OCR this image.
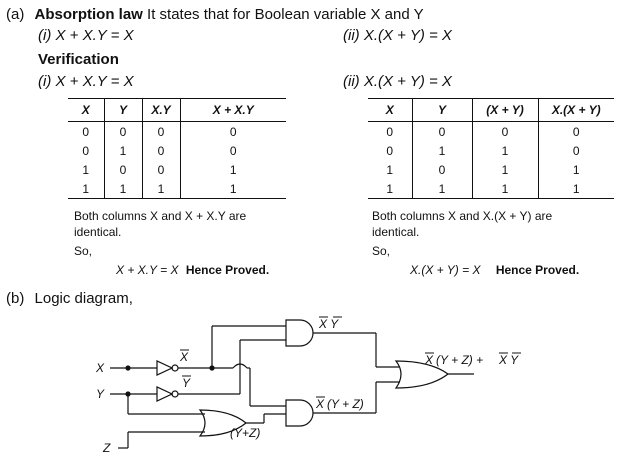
(a) Absorption law It states that for Boolean variable X and Y
(i) X + X.Y = X	(ii) X.(X + Y) = X
Verification
(i) X + X.Y = X
X	Y	X.Y	X + X.Y
0	0	0	0
0	1	0	0
1	0	0	1
1	1	1	1
Both columns X and X + X.Y are
identical.
So,
X + X.Y = X Hence Proved.
(ii) X.(X + Y) = X
X	Y	(X + Y)	X.(X + Y)
0	0	0	0
0	1	1	0
1	0	1	1
1	1	1	1
Both columns X and X.(X + Y) are
identical.
So,
X.(X + Y) = X Hence Proved.
(b) Logic diagram,
X
Y
Z
X
Y
X Y
X (Y + Z)
(Y+Z)
X (Y + Z) + X Y
